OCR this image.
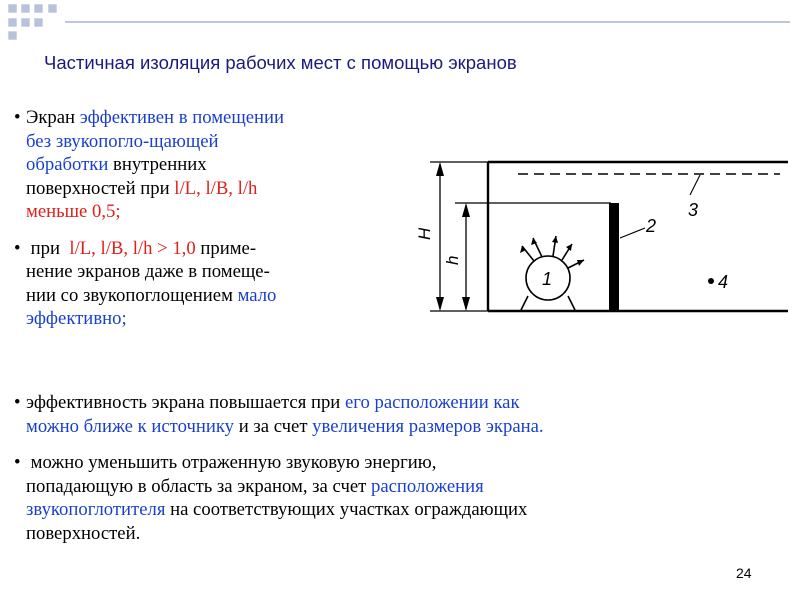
Частичная изоляция рабочих мест с помощью экранов
• Экран эффективен в помещении
без звукопогло-щающей
обработки внутренних
поверхностей при l/L, l/B, l/h
меньше 0,5;
• при  l/L, l/B, l/h > 1,0 приме-
нение экранов даже в помеще-
нии со звукопоглощением мало
эффективно;
• эффективность экрана повышается при его расположении как
можно ближе к источнику и за счет увеличения размеров экрана.
• можно уменьшить отраженную звуковую энергию,
попадающую в область за экраном, за счет расположения
звукопоглотителя на соответствующих участках ограждающих
поверхностей.
H
h
1
2
3
4
24
